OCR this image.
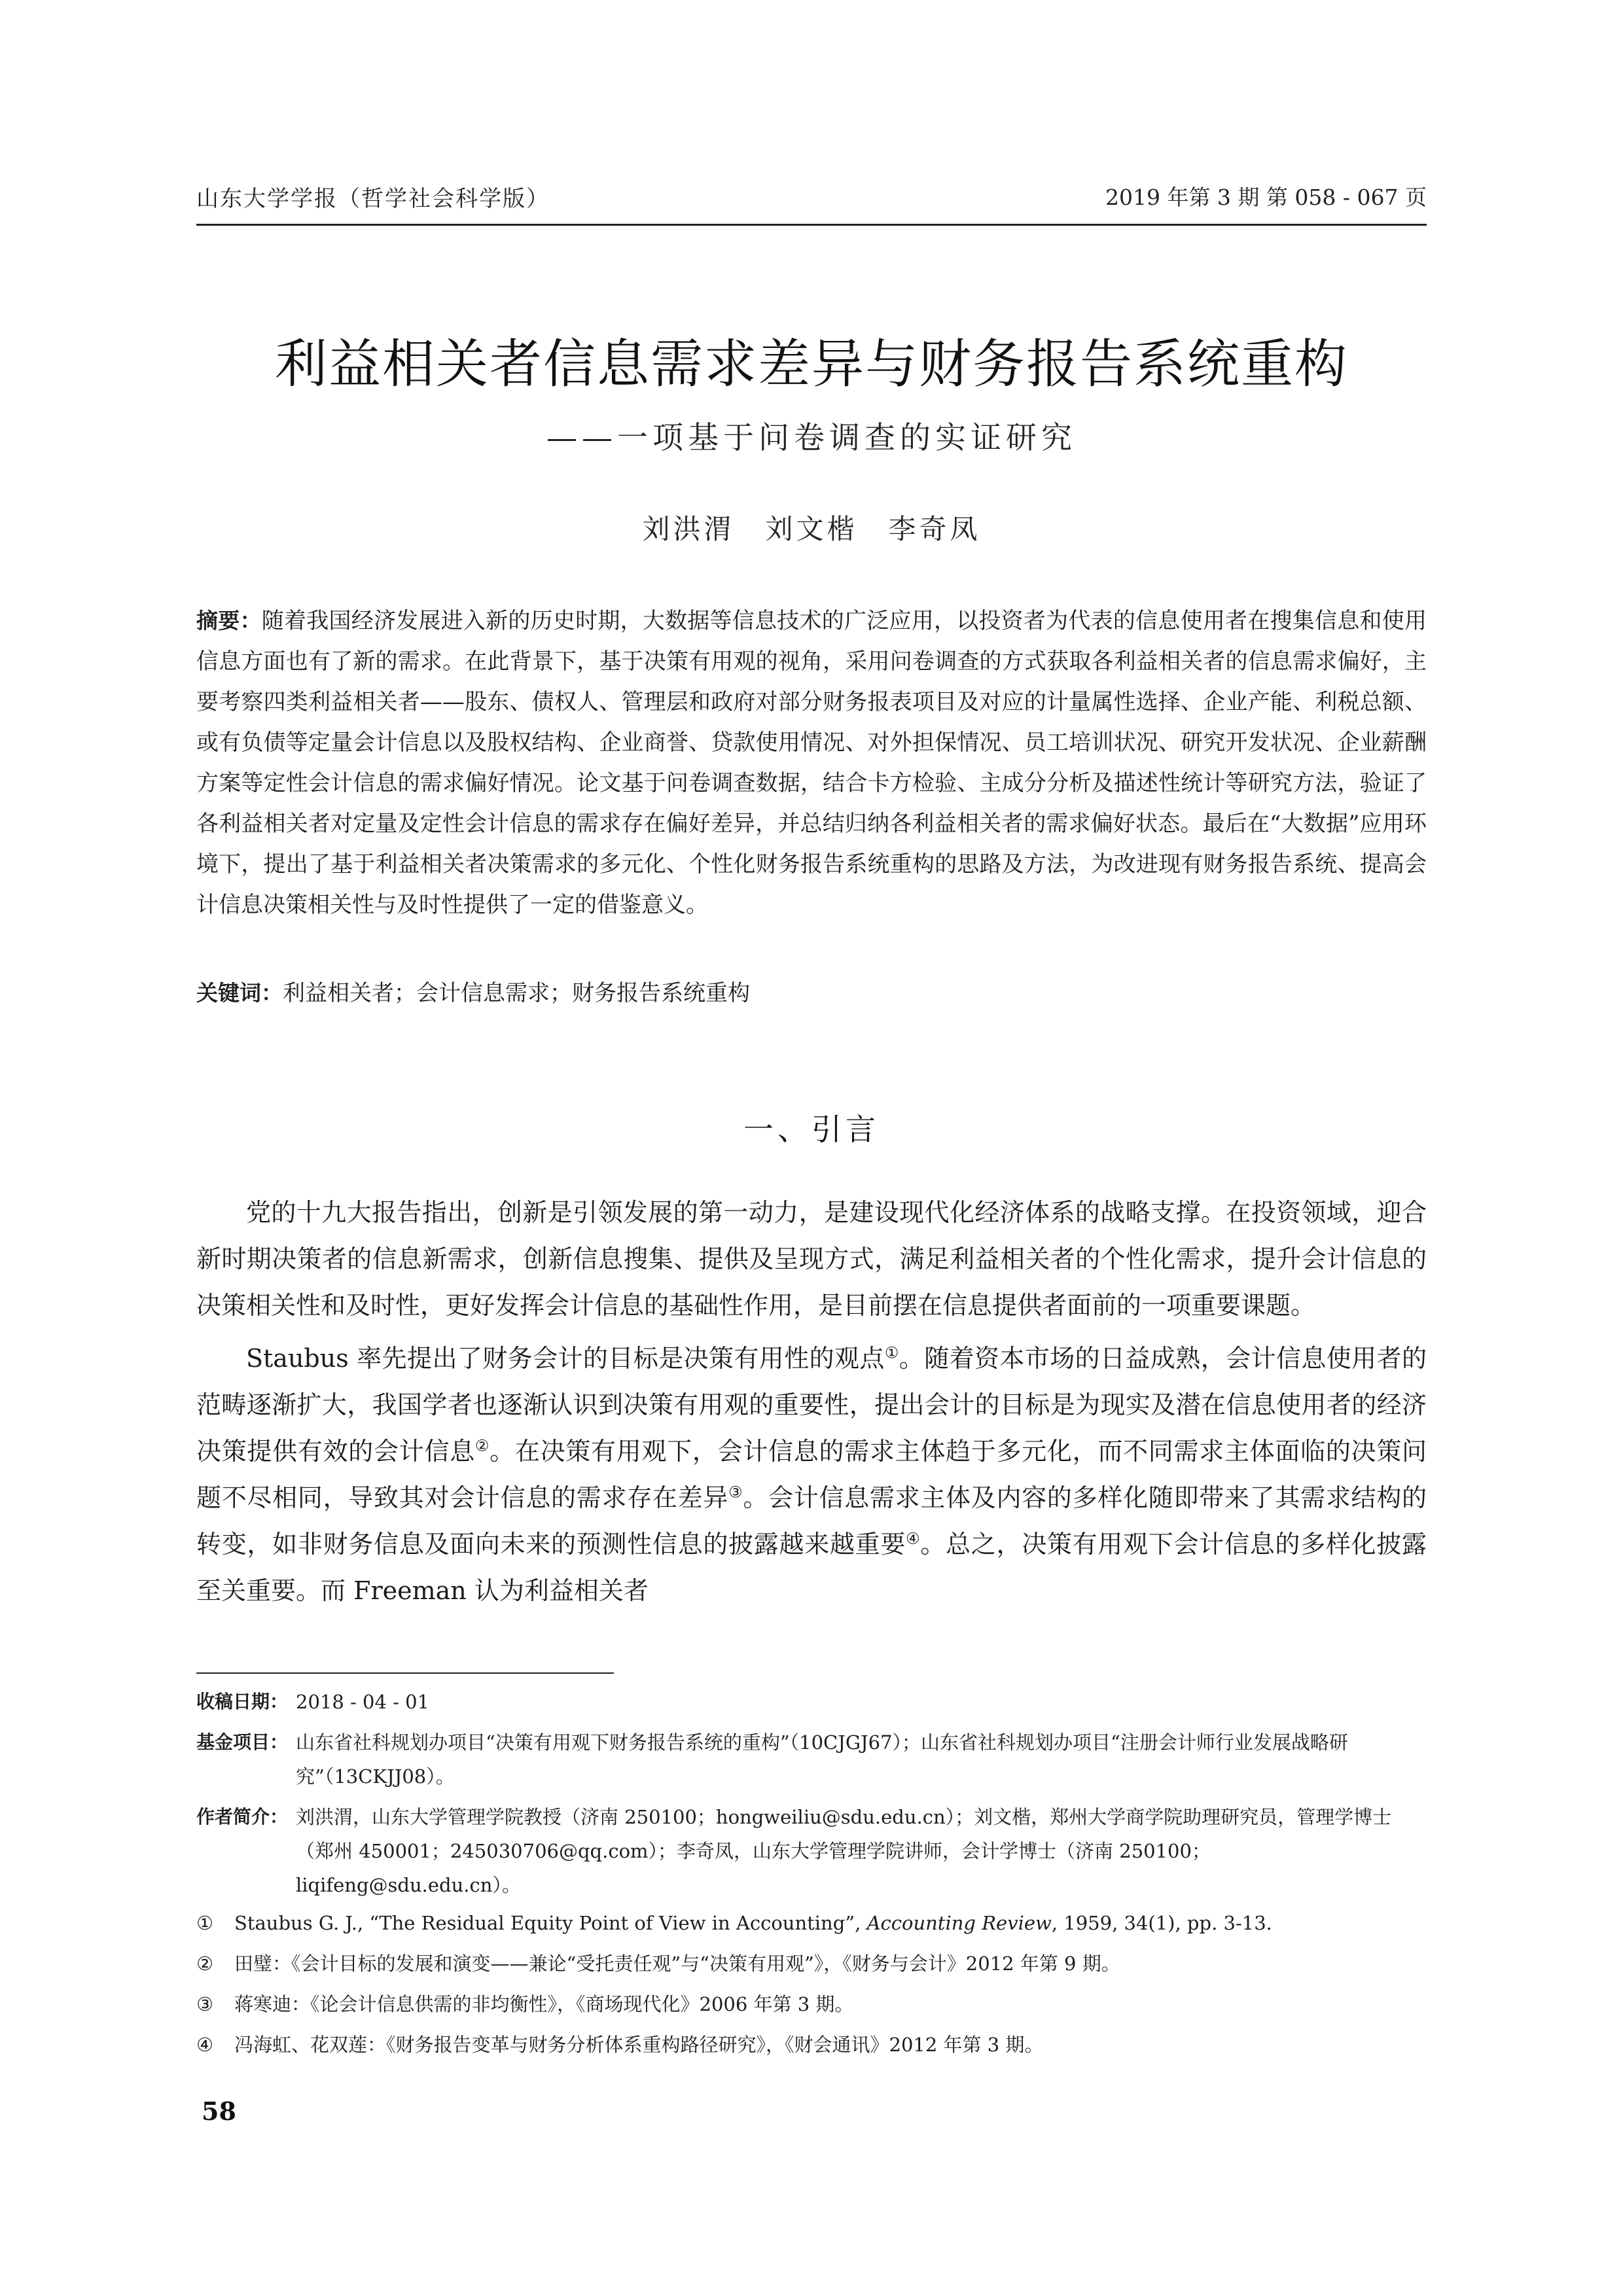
山东大学学报（哲学社会科学版）	2019 年第 3 期 第 058 - 067 页
利益相关者信息需求差异与财务报告系统重构
——一项基于问卷调查的实证研究
刘洪渭　刘文楷　李奇凤
摘要：随着我国经济发展进入新的历史时期，大数据等信息技术的广泛应用，以投资者为代表的信息使用者在搜集信息和使用信息方面也有了新的需求。在此背景下，基于决策有用观的视角，采用问卷调查的方式获取各利益相关者的信息需求偏好，主要考察四类利益相关者——股东、债权人、管理层和政府对部分财务报表项目及对应的计量属性选择、企业产能、利税总额、或有负债等定量会计信息以及股权结构、企业商誉、贷款使用情况、对外担保情况、员工培训状况、研究开发状况、企业薪酬方案等定性会计信息的需求偏好情况。论文基于问卷调查数据，结合卡方检验、主成分分析及描述性统计等研究方法，验证了各利益相关者对定量及定性会计信息的需求存在偏好差异，并总结归纳各利益相关者的需求偏好状态。最后在“大数据”应用环境下，提出了基于利益相关者决策需求的多元化、个性化财务报告系统重构的思路及方法，为改进现有财务报告系统、提高会计信息决策相关性与及时性提供了一定的借鉴意义。
关键词：利益相关者；会计信息需求；财务报告系统重构
一、引言

党的十九大报告指出，创新是引领发展的第一动力，是建设现代化经济体系的战略支撑。在投资领域，迎合新时期决策者的信息新需求，创新信息搜集、提供及呈现方式，满足利益相关者的个性化需求，提升会计信息的决策相关性和及时性，更好发挥会计信息的基础性作用，是目前摆在信息提供者面前的一项重要课题。

Staubus 率先提出了财务会计的目标是决策有用性的观点①。随着资本市场的日益成熟，会计信息使用者的范畴逐渐扩大，我国学者也逐渐认识到决策有用观的重要性，提出会计的目标是为现实及潜在信息使用者的经济决策提供有效的会计信息②。在决策有用观下，会计信息的需求主体趋于多元化，而不同需求主体面临的决策问题不尽相同，导致其对会计信息的需求存在差异③。会计信息需求主体及内容的多样化随即带来了其需求结构的转变，如非财务信息及面向未来的预测性信息的披露越来越重要④。总之，决策有用观下会计信息的多样化披露至关重要。而 Freeman 认为利益相关者

收稿日期： 2018 - 04 - 01
基金项目： 山东省社科规划办项目“决策有用观下财务报告系统的重构”（10CJGJ67）；山东省社科规划办项目“注册会计师行业发展战略研究”（13CKJJ08）。
作者简介： 刘洪渭，山东大学管理学院教授（济南 250100；hongweiliu@sdu.edu.cn）；刘文楷，郑州大学商学院助理研究员，管理学博士（郑州 450001；245030706@qq.com）；李奇凤，山东大学管理学院讲师，会计学博士（济南 250100；liqifeng@sdu.edu.cn）。
① Staubus G. J., “The Residual Equity Point of View in Accounting”, Accounting Review, 1959, 34(1), pp. 3-13.
② 田璧：《会计目标的发展和演变——兼论“受托责任观”与“决策有用观”》，《财务与会计》2012 年第 9 期。
③ 蒋寒迪：《论会计信息供需的非均衡性》，《商场现代化》2006 年第 3 期。
④ 冯海虹、花双莲：《财务报告变革与财务分析体系重构路径研究》，《财会通讯》2012 年第 3 期。
58
